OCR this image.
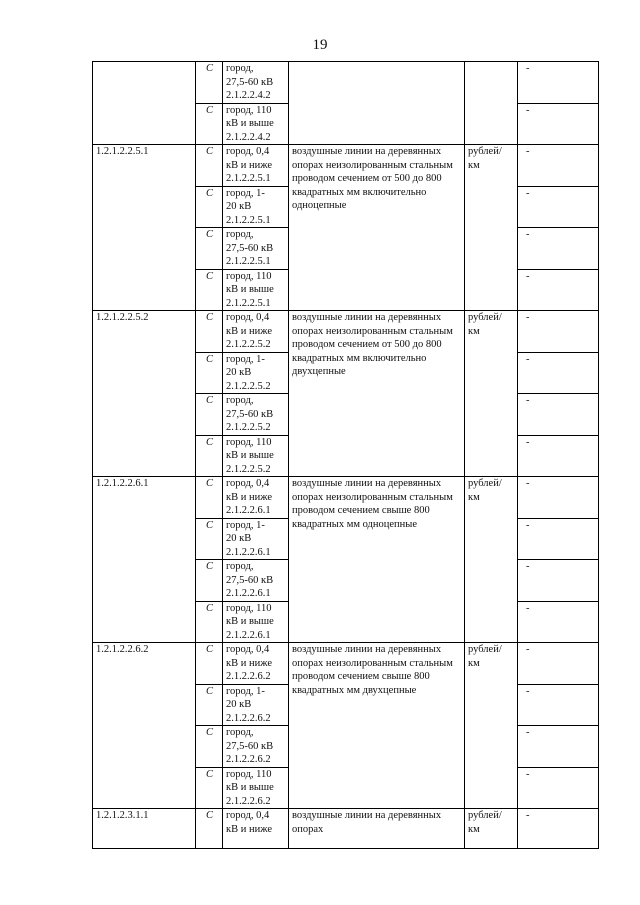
19
	С	город,
27,5-60 кВ
2.1.2.2.4.2			-
	С	город, 110
кВ и выше
2.1.2.2.4.2			-
1.2.1.2.2.5.1	С	город, 0,4
кВ и ниже
2.1.2.2.5.1	воздушные линии на деревянных опорах неизолированным стальным проводом сечением от 500 до 800 квадратных мм включительно одноцепные	рублей/
км	-
	С	город, 1-
20 кВ
2.1.2.2.5.1			-
	С	город,
27,5-60 кВ
2.1.2.2.5.1			-
	С	город, 110
кВ и выше
2.1.2.2.5.1			-
1.2.1.2.2.5.2	С	город, 0,4
кВ и ниже
2.1.2.2.5.2	воздушные линии на деревянных опорах неизолированным стальным проводом сечением от 500 до 800 квадратных мм включительно двухцепные	рублей/
км	-
	С	город, 1-
20 кВ
2.1.2.2.5.2			-
	С	город,
27,5-60 кВ
2.1.2.2.5.2			-
	С	город, 110
кВ и выше
2.1.2.2.5.2			-
1.2.1.2.2.6.1	С	город, 0,4
кВ и ниже
2.1.2.2.6.1	воздушные линии на деревянных опорах неизолированным стальным проводом сечением свыше 800 квадратных мм одноцепные	рублей/
км	-
	С	город, 1-
20 кВ
2.1.2.2.6.1			-
	С	город,
27,5-60 кВ
2.1.2.2.6.1			-
	С	город, 110
кВ и выше
2.1.2.2.6.1			-
1.2.1.2.2.6.2	С	город, 0,4
кВ и ниже
2.1.2.2.6.2	воздушные линии на деревянных опорах неизолированным стальным проводом сечением свыше 800 квадратных мм двухцепные	рублей/
км	-
	С	город, 1-
20 кВ
2.1.2.2.6.2			-
	С	город,
27,5-60 кВ
2.1.2.2.6.2			-
	С	город, 110
кВ и выше
2.1.2.2.6.2			-
1.2.1.2.3.1.1	С	город, 0,4
кВ и ниже	воздушные линии на деревянных опорах	рублей/
км	-
